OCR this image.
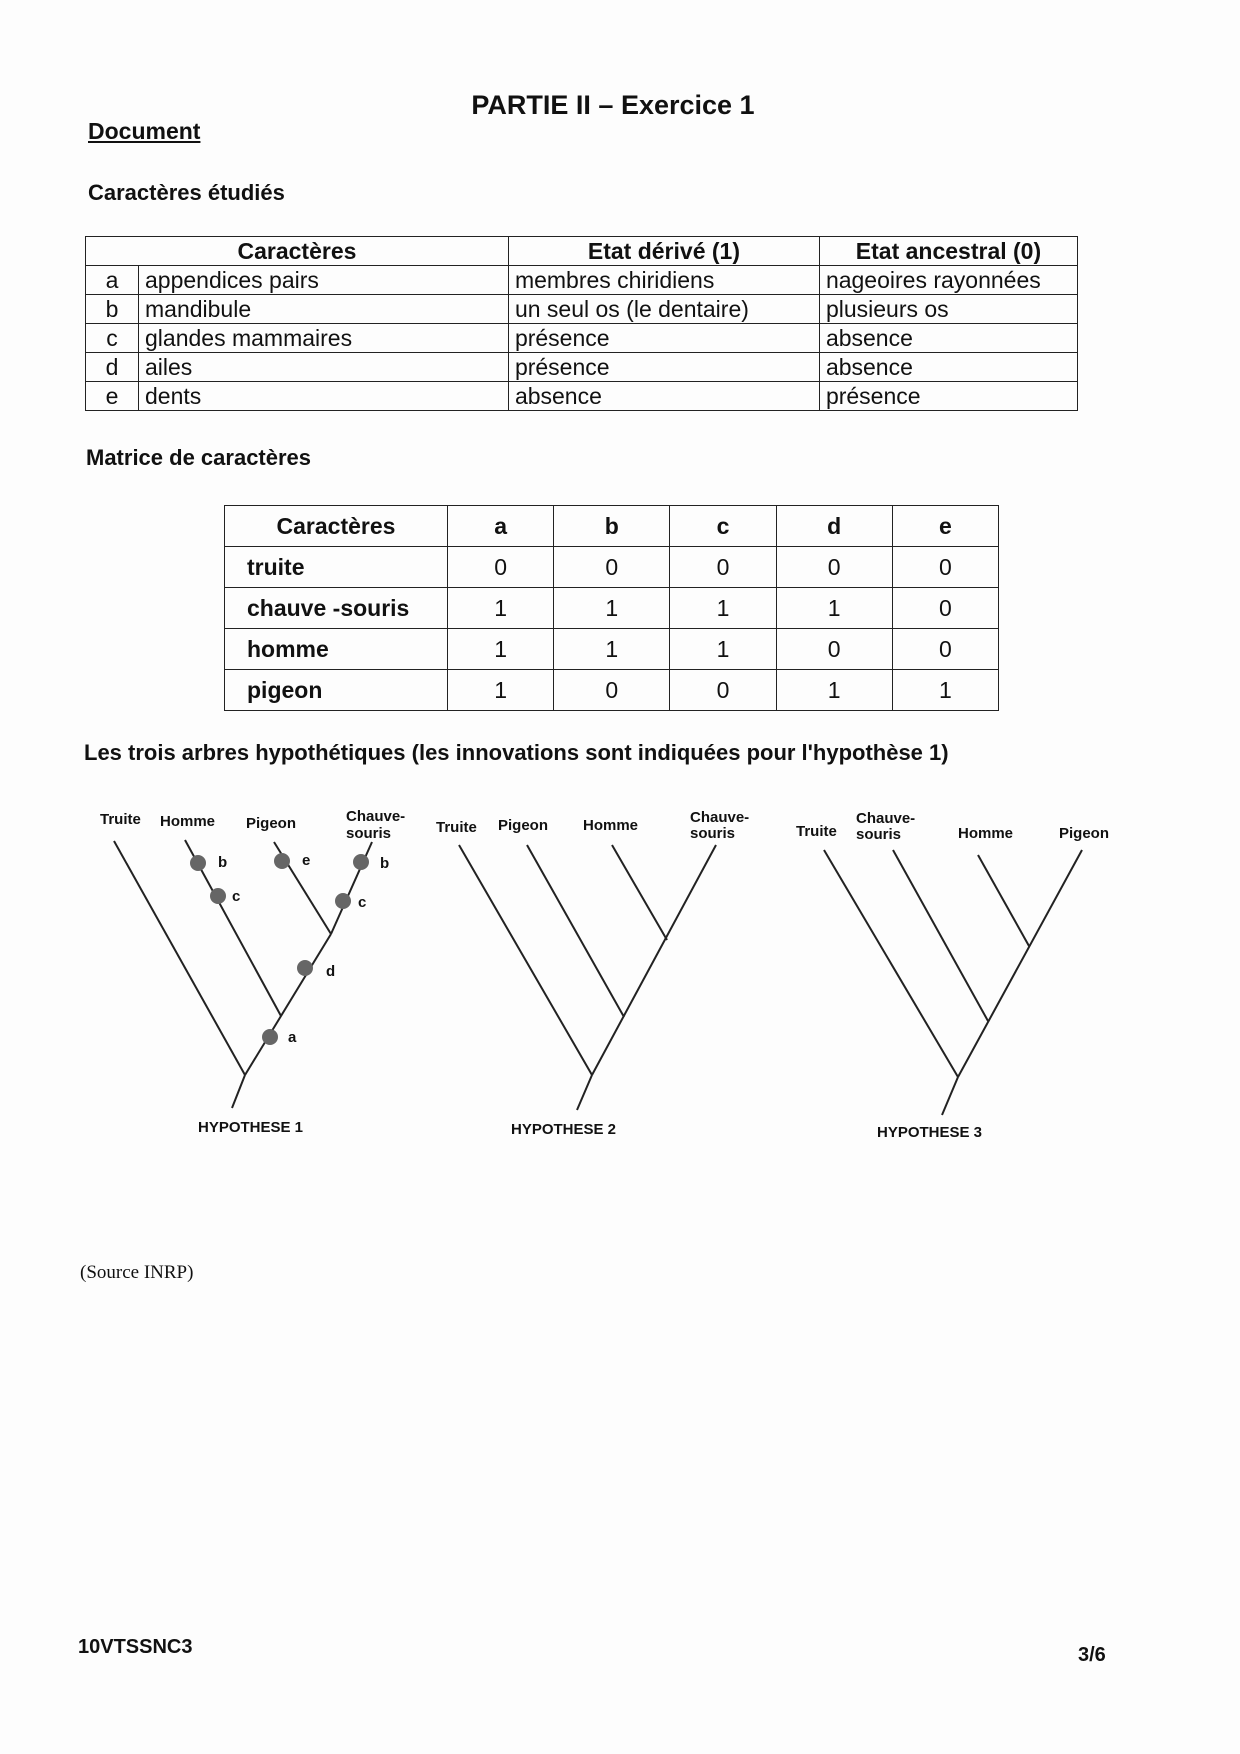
PARTIE II – Exercice 1
Document
Caractères étudiés
Caractères		Etat dérivé (1)	Etat ancestral (0)
a	appendices pairs	membres chiridiens	nageoires rayonnées
b	mandibule	un seul os (le dentaire)	plusieurs os
c	glandes mammaires	présence	absence
d	ailes	présence	absence
e	dents	absence	présence
Matrice de caractères
Caractères	a	b	c	d	e
truite	0	0	0	0	0
chauve -souris	1	1	1	1	0
homme	1	1	1	0	0
pigeon	1	0	0	1	1
Les trois arbres hypothétiques (les innovations sont indiquées pour l'hypothèse 1)
Truite Homme Pigeon	Chauve-
souris
b
c
e	b
c
d
a
HYPOTHESE 1
Truite Pigeon Homme	Chauve-
souris
HYPOTHESE 2
Truite
Chauve-
souris	Homme	Pigeon
HYPOTHESE 3
(Source INRP)
10VTSSNC3	3/6
